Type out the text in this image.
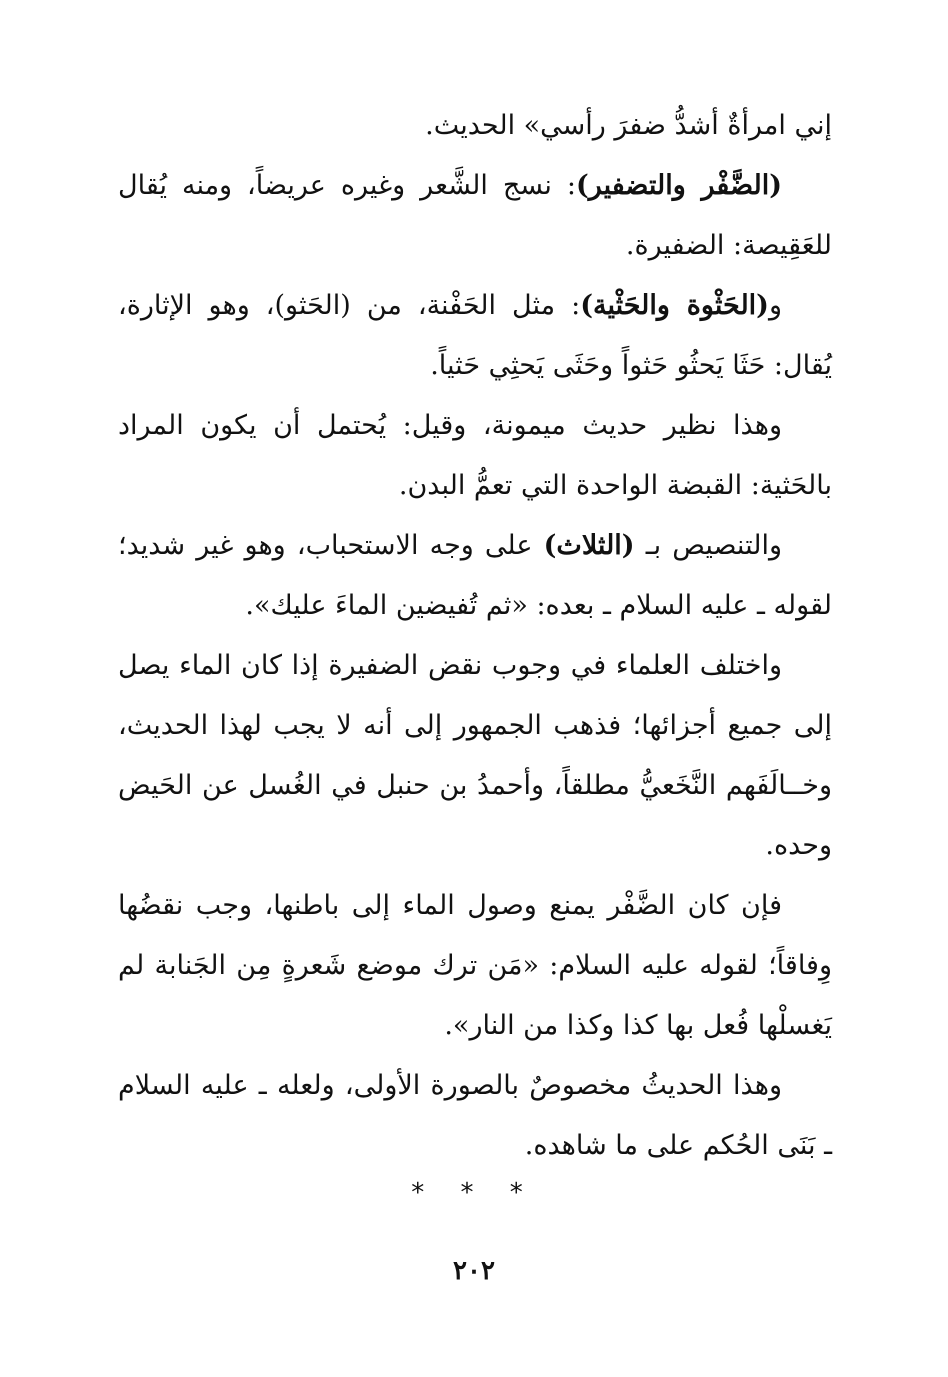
إني امرأةٌ أشدُّ ضفرَ رأسي» الحديث.

(الضَّفْر والتضفير): نسج الشَّعر وغيره عريضاً، ومنه يُقال للعَقِيصة: الضفيرة.

و(الحَثْوة والحَثْية): مثل الحَفْنة، من (الحَثو)، وهو الإثارة، يُقال: حَثَا يَحثُو حَثواً وحَثَى يَحثِي حَثياً.

وهذا نظير حديث ميمونة، وقيل: يُحتمل أن يكون المراد بالحَثية: القبضة الواحدة التي تعمُّ البدن.

والتنصيص بـ (الثلاث) على وجه الاستحباب، وهو غير شديد؛ لقوله ـ عليه السلام ـ بعده: «ثم تُفيضين الماءَ عليك».

واختلف العلماء في وجوب نقض الضفيرة إذا كان الماء يصل إلى جميع أجزائها؛ فذهب الجمهور إلى أنه لا يجب لهذا الحديث، وخــالَفَهم النَّخَعيُّ مطلقاً، وأحمدُ بن حنبل في الغُسل عن الحَيض وحده.

فإن كان الضَّفْر يمنع وصول الماء إلى باطنها، وجب نقضُها وِفاقاً؛ لقوله عليه السلام: «مَن ترك موضع شَعرةٍ مِن الجَنابة لم يَغسلْها فُعل بها كذا وكذا من النار».

وهذا الحديثُ مخصوصٌ بالصورة الأولى، ولعله ـ عليه السلام ـ بَنَى الحُكم على ما شاهده.

* * *
٢٠٢
